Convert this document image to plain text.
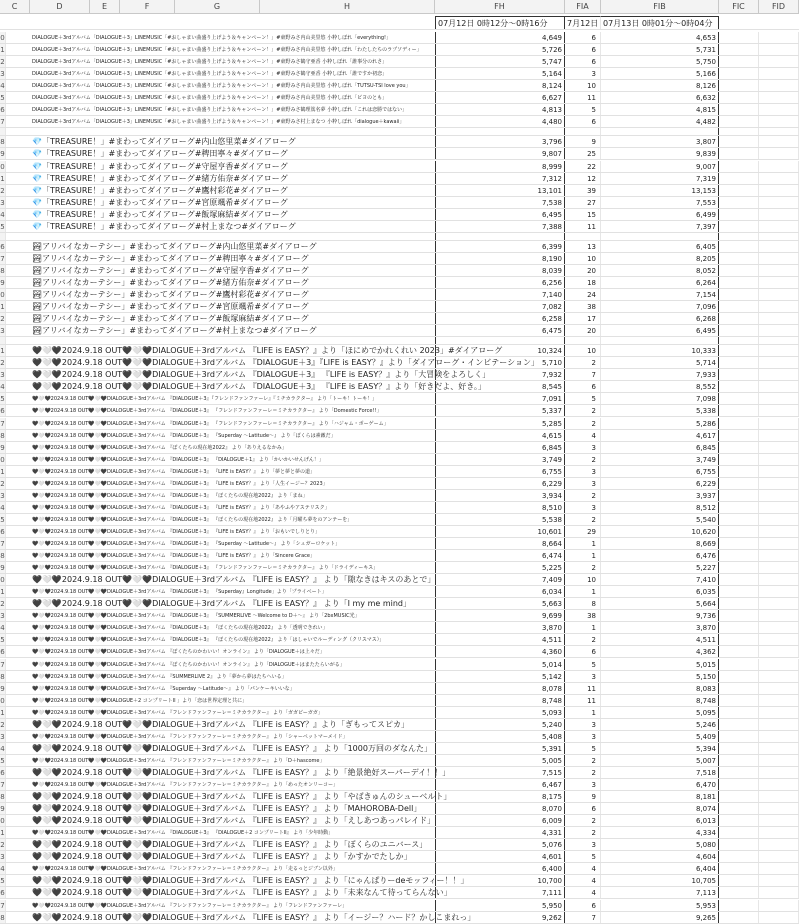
C	D	E	F	G	H	FH　	FIA	FIB	FIC	FID
07月12日 0時12分〜0時16分	7月12日 07月13日 0時01分〜0時04分
0	DIALOGUE＋3rdアルバム「DIALOGUE＋3」LINEMUSIC「#おしゃまい曲盛り上げよう＆キャンペーン！」#東野みさ内山美里悠 小粋しぼれ「everything!」	4,649	6	4,653
1	DIALOGUE＋3rdアルバム「DIALOGUE＋3」LINEMUSIC「#おしゃまい曲盛り上げよう＆キャンペーン！」#東野みさ内山美里悠 小粋しぼれ「わたしたちのラプソディー」	5,726	6	5,731
2	DIALOGUE＋3rdアルバム「DIALOGUE＋3」LINEMUSIC「#おしゃまい曲盛り上げよう＆キャンペーン！」#東野みさ鶴守亜香 小粋しぼれ「誰事分のれさ」	5,747	6	5,750
3	DIALOGUE＋3rdアルバム「DIALOGUE＋3」LINEMUSIC「#おしゃまい曲盛り上げよう＆キャンペーン！」#東野みさ鶴守亜香 小粋しぼれ「誰ですか初恋」	5,164	3	5,166
4	DIALOGUE＋3rdアルバム「DIALOGUE＋3」LINEMUSIC「#おしゃまい曲盛り上げよう＆キャンペーン！」#東野みさ内山美里悠 小粋しぼれ「TUTSU-TSI love you」	8,124	10	8,126
5	DIALOGUE＋3rdアルバム「DIALOGUE＋3」LINEMUSIC「#おしゃまい曲盛り上げよう＆キャンペーン！」#東野みさ内山美里悠 小粋しぼれ「ピヨのとも」	6,627	11	6,632
6	DIALOGUE＋3rdアルバム「DIALOGUE＋3」LINEMUSIC「#おしゃまい曲盛り上げよう＆キャンペーン！」#東野みさ鶴理篤名夢 小粋しぼれ「これは恋勝ではない」	4,813	5	4,815
7	DIALOGUE＋3rdアルバム「DIALOGUE＋3」LINEMUSIC「#おしゃまい曲盛り上げよう＆キャンペーン！」#東野みさ村上まなつ 小粋しぼれ「dialogue＋kawaii」	4,480	6	4,482
8	💎「TREASURE！」#まわってダイアローグ#内山悠里菜#ダイアローグ	3,796	9	3,807
9	💎「TREASURE！」#まわってダイアローグ#稗田寧々#ダイアローグ	9,807	25	9,839
0	💎「TREASURE！」#まわってダイアローグ#守屋亨香#ダイアローグ	8,999	22	9,007
1	💎「TREASURE！」#まわってダイアローグ#緒方佑奈#ダイアローグ	7,312	12	7,319
2	💎「TREASURE！」#まわってダイアローグ#鷹村彩花#ダイアローグ	13,101	39	13,153
3	💎「TREASURE！」#まわってダイアローグ#宮原颯希#ダイアローグ	7,538	27	7,553
4	💎「TREASURE！」#まわってダイアローグ#飯塚麻結#ダイアローグ	6,495	15	6,499
5	💎「TREASURE！」#まわってダイアローグ#村上まなつ#ダイアローグ	7,388	11	7,397
6	🏞アリバイなカーテシー」#まわってダイアローグ#内山悠里菜#ダイアローグ	6,399	13	6,405
7	🏞アリバイなカーテシー」#まわってダイアローグ#稗田寧々#ダイアローグ	8,190	10	8,205
8	🏞アリバイなカーテシー」#まわってダイアローグ#守屋亨香#ダイアローグ	8,039	20	8,052
9	🏞アリバイなカーテシー」#まわってダイアローグ#緒方佑奈#ダイアローグ	6,256	18	6,264
0	🏞アリバイなカーテシー」#まわってダイアローグ#鷹村彩花#ダイアローグ	7,140	24	7,154
1	🏞アリバイなカーテシー」#まわってダイアローグ#宮原颯希#ダイアローグ	7,082	38	7,096
2	🏞アリバイなカーテシー」#まわってダイアローグ#飯塚麻結#ダイアローグ	6,258	17	6,268
3	🏞アリバイなカーテシー」#まわってダイアローグ#村上まなつ#ダイアローグ	6,475	20	6,495
1	🖤🤍🖤2024.9.18 OUT🖤🤍🖤DIALOGUE＋3rdアルバム 『LIFE is EASY？』より「ほにめでかれくれい 2023」#ダイアローグ	10,324	10	10,333
2	🖤🤍🖤2024.9.18 OUT🖤🤍🖤DIALOGUE＋3rdアルバム 『DIALOGUE＋3』『LIFE is EASY？』より「ダイアローグ・インビテーション」 5,710	2	5,714
3	🖤🤍🖤2024.9.18 OUT🖤🤍🖤DIALOGUE＋3rdアルバム 『DIALOGUE＋3』 『LIFE is EASY？』より「大冒険をよろしく」	7,932	7	7,933
4	🖤🤍🖤2024.9.18 OUT🖤🤍🖤DIALOGUE＋3rdアルバム 『DIALOGUE＋3』 『LIFE is EASY？』より「好きだよ、好き。」	8,545	6	8,552
5	🖤🤍🖤2024.9.18 OUT🖤🤍🖤DIALOGUE＋3rdアルバム 『DIALOGUE＋3』『フレンドファンファーレ』『ミチカラクター』 より「トーキ！トーキ！」	7,091	5	7,098
6	🖤🤍🖤2024.9.18 OUT🖤🤍🖤DIALOGUE＋3rdアルバム 『DIALOGUE＋3』 『フレンドファンファーレ＝ミチカラクター』 より「Domestic Force!!」	5,337	2	5,338
7	🖤🤍🖤2024.9.18 OUT🖤🤍🖤DIALOGUE＋3rdアルバム 『DIALOGUE＋3』 『フレンドファンファーレ＝ミチカラクター』 より「ハジャム・ボーゲーム」	5,285	2	5,286
8	🖤🤍🖤2024.9.18 OUT🖤🤍🖤DIALOGUE＋3rdアルバム 『DIALOGUE＋3』 『Superday 〜Latitude〜』 より「ぼくらは素敵だ」	4,615	4	4,617
9	🖤🤍🖤2024.9.18 OUT🖤🤍🖤DIALOGUE＋3rdアルバム 『ぼくたちの現在地2022』 より「ありえるなかみ」	6,845	3	6,845
0	🖤🤍🖤2024.9.18 OUT🖤🤍🖤DIALOGUE＋3rdアルバム 『DIALOGUE＋3』 『DIALOGUE＋1』 より「かいかいせんげん！」	3,749	2	3,749
1	🖤🤍🖤2024.9.18 OUT🖤🤍🖤DIALOGUE＋3rdアルバム 『DIALOGUE＋3』 『LIFE is EASY？』 より「夢と夢と夢の道」	6,755	3	6,755
2	🖤🤍🖤2024.9.18 OUT🖤🤍🖤DIALOGUE＋3rdアルバム 『DIALOGUE＋3』 『LIFE is EASY？』 より「人生イージー？2023」	6,229	3	6,229
3	🖤🤍🖤2024.9.18 OUT🖤🤍🖤DIALOGUE＋3rdアルバム 『DIALOGUE＋3』 『ぼくたちの現在地2022』 より「まね」	3,934	2	3,937
4	🖤🤍🖤2024.9.18 OUT🖤🤍🖤DIALOGUE＋3rdアルバム 『DIALOGUE＋3』 『LIFE is EASY？』 より「あやふやアステリスク」	8,510	3	8,512
5	🖤🤍🖤2024.9.18 OUT🖤🤍🖤DIALOGUE＋3rdアルバム 『DIALOGUE＋3』 『ぼくたちの現在地2022』 より「月曜ち夢をのアンテーを」	5,538	2	5,540
6	🖤🤍🖤2024.9.18 OUT🖤🤍🖤DIALOGUE＋3rdアルバム 『DIALOGUE＋3』 『LIFE is EASY？』 より「おもいでしりとり」	10,601	29	10,620
7	🖤🤍🖤2024.9.18 OUT🖤🤍🖤DIALOGUE＋3rdアルバム 『DIALOGUE＋3』 『Superday 〜Latitude〜』 より「シュガーロケット」	8,664	1	8,669
8	🖤🤍🖤2024.9.18 OUT🖤🤍🖤DIALOGUE＋3rdアルバム 『DIALOGUE＋3』 『LIFE is EASY？』 より「Sincere Grace」	6,474	1	6,476
9	🖤🤍🖤2024.9.18 OUT🖤🤍🖤DIALOGUE＋3rdアルバム 『DIALOGUE＋3』 『フレンドファンファーレ＝ミチカラクター』 より「ドライディーキス」	5,225	2	5,227
0	🖤🤍🖤2024.9.18 OUT🖤🤍🖤DIALOGUE＋3rdアルバム 『LIFE is EASY？』 より「隙なきはキスのあとで」	7,409	10	7,410
1	🖤🤍🖤2024.9.18 OUT🖤🤍🖤DIALOGUE＋3rdアルバム 『DIALOGUE＋3』 『Superday』Longitude」より「プライベート」	6,034	1	6,035
2	🖤🤍🖤2024.9.18 OUT🖤🤍🖤DIALOGUE＋3rdアルバム 『LIFE is EASY？』 より「I my me mind」	5,663	8	5,664
3	🖤🤍🖤2024.9.18 OUT🖤🤍🖤DIALOGUE＋3rdアルバム 『DIALOGUE＋3』 『SUMMERLIVE 〜Welcome to D＋〜』 より「2bxMUSIC光」	9,699	38	9,736
4	🖤🤍🖤2024.9.18 OUT🖤🤍🖤DIALOGUE＋3rdアルバム 『DIALOGUE＋3』 『ぼくたちの現在地2022』 より「透明できれい」	3,870	1	3,870
5	🖤🤍🖤2024.9.18 OUT🖤🤍🖤DIALOGUE＋3rdアルバム 『DIALOGUE＋3』 『ぼくたちの現在地2022』 より「はしゃいでルーディング（クリスマス）」	4,511	2	4,511
6	🖤🤍🖤2024.9.18 OUT🖤🤍🖤DIALOGUE＋3rdアルバム 『ぼくたちのかわいい！オンライン』 より「DIALOGUE＋は上々だ」	4,360	6	4,362
7	🖤🤍🖤2024.9.18 OUT🖤🤍🖤DIALOGUE＋3rdアルバム 『ぼくたちのかわいい！オンライン』 より「DIALOGUE＋はまたたらいがる」	5,014	5	5,015
8	🖤🤍🖤2024.9.18 OUT🖤🤍🖤DIALOGUE＋3rdアルバム 『SUMMERLIVE 2』 より「夢から夢はたちへいる」	5,142	3	5,150
9	🖤🤍🖤2024.9.18 OUT🖤🤍🖤DIALOGUE＋3rdアルバム 『Superday 〜Latitude〜』 より「パンケーキいいな」	8,078	11	8,083
0	🖤🤍🖤2024.9.18 OUT🖤🤍🖤DIALOGUE＋2 コンプリートII 」より「恋は世界定理と共に」	8,748	11	8,748
1	🖤🤍🖤2024.9.18 OUT🖤🤍🖤DIALOGUE＋3rdアルバム 『フレンドファンファーレ＝ミチカラクター』 より「ガガビーガガ」	5,093	1	5,095
2	🖤🤍🖤2024.9.18 OUT🖤🤍🖤DIALOGUE＋3rdアルバム 『LIFE is EASY？』より「ぎもってスピカ」	5,240	3	5,246
3	🖤🤍🖤2024.9.18 OUT🖤🤍🖤DIALOGUE＋3rdアルバム 『フレンドファンファーレ＝ミチカラクター』 より「シャーペットマーメイド」	5,408	3	5,409
4	🖤🤍🖤2024.9.18 OUT🖤🤍🖤DIALOGUE＋3rdアルバム 『LIFE is EASY？』 より「1000万回のダなんた」	5,391	5	5,394
5	🖤🤍🖤2024.9.18 OUT🖤🤍🖤DIALOGUE＋3rdアルバム 『フレンドファンファーレ＝ミチカラクター』 より「D＋hascome」	5,005	2	5,007
6	🖤🤍🖤2024.9.18 OUT🖤🤍🖤DIALOGUE＋3rdアルバム 『LIFE is EASY？』 より「絶景絶好スーパーデイ！！」	7,515	2	7,518
7	🖤🤍🖤2024.9.18 OUT🖤🤍🖤DIALOGUE＋3rdアルバム 『フレンドファンファーレ＝ミチカラクター』 より「めったオンリーコー」	6,467	3	6,470
8	🖤🤍🖤2024.9.18 OUT🖤🤍🖤DIALOGUE＋3rdアルバム 『LIFE is EASY？』 より「やばきゅんのシューベルト」	8,175	9	8,181
9	🖤🤍🖤2024.9.18 OUT🖤🤍🖤DIALOGUE＋3rdアルバム 『LIFE is EASY？』 より「MAHOROBA-Dell」	8,070	6	8,074
0	🖤🤍🖤2024.9.18 OUT🖤🤍🖤DIALOGUE＋3rdアルバム 『LIFE is EASY？』 より「えしあつあっパレイド」	6,009	2	6,013
1	🖤🤍🖤2024.9.18 OUT🖤🤍🖤DIALOGUE＋3rdアルバム 『DIALOGUE＋3』 『DIALOGUE＋2 コンプリートII』 より「少年時動」	4,331	2	4,334
2	🖤🤍🖤2024.9.18 OUT🖤🤍🖤DIALOGUE＋3rdアルバム 『LIFE is EASY？』 より「ぼくらのユニバース」	5,076	3	5,080
3	🖤🤍🖤2024.9.18 OUT🖤🤍🖤DIALOGUE＋3rdアルバム 『LIFE is EASY？』 より「かすかでたしか」	4,601	5	4,604
4	🖤🤍🖤2024.9.18 OUT🖤🤍🖤DIALOGUE＋3rdアルバム 『フレンドファンファーレ＝ミチカラクター』 より「走るっとジブン以外」	6,400	4	6,404
5	🖤🤍🖤2024.9.18 OUT🖤🤍🖤DIALOGUE＋3rdアルバム 『LIFE is EASY？』 より「にゃんぱりーdeモッフィー！！」	10,700	4	10,705
6	🖤🤍🖤2024.9.18 OUT🖤🤍🖤DIALOGUE＋3rdアルバム 『LIFE is EASY？』 より「未来なんて待ってらんない」	7,111	4	7,113
7	🖤🤍🖤2024.9.18 OUT🖤🤍🖤DIALOGUE＋3rdアルバム 『フレンドファンファーレ＝ミチカラクター』 より「フレンドファンファーレ」	5,950	6	5,953
8	🖤🤍🖤2024.9.18 OUT🖤🤍🖤DIALOGUE＋3rdアルバム 『LIFE is EASY？』 より「イージー？ハード？かしこまれっ」	9,262	7	9,265
